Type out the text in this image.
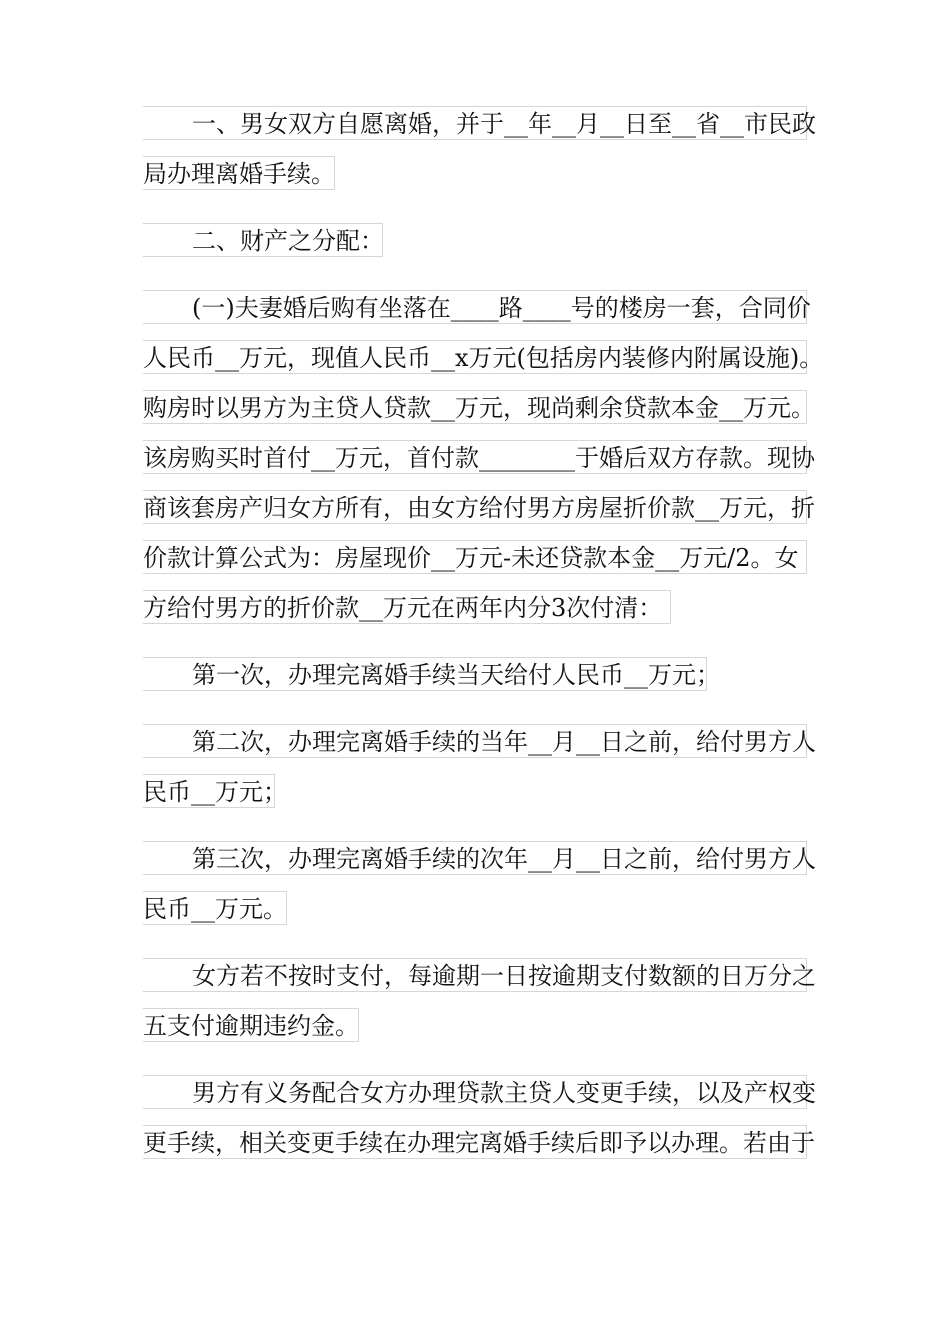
一、男女双方自愿离婚，并于__年__月__日至__省__市民政
局办理离婚手续。
二、财产之分配：
(一)夫妻婚后购有坐落在____路____号的楼房一套，合同价
人民币__万元，现值人民币__x万元(包括房内装修内附属设施)。
购房时以男方为主贷人贷款__万元，现尚剩余贷款本金__万元。
该房购买时首付__万元，首付款________于婚后双方存款。现协
商该套房产归女方所有，由女方给付男方房屋折价款__万元，折
价款计算公式为：房屋现价__万元-未还贷款本金__万元/2。女
方给付男方的折价款__万元在两年内分3次付清：
第一次，办理完离婚手续当天给付人民币__万元；
第二次，办理完离婚手续的当年__月__日之前，给付男方人
民币__万元；
第三次，办理完离婚手续的次年__月__日之前，给付男方人
民币__万元。
女方若不按时支付，每逾期一日按逾期支付数额的日万分之
五支付逾期违约金。
男方有义务配合女方办理贷款主贷人变更手续，以及产权变
更手续，相关变更手续在办理完离婚手续后即予以办理。若由于
